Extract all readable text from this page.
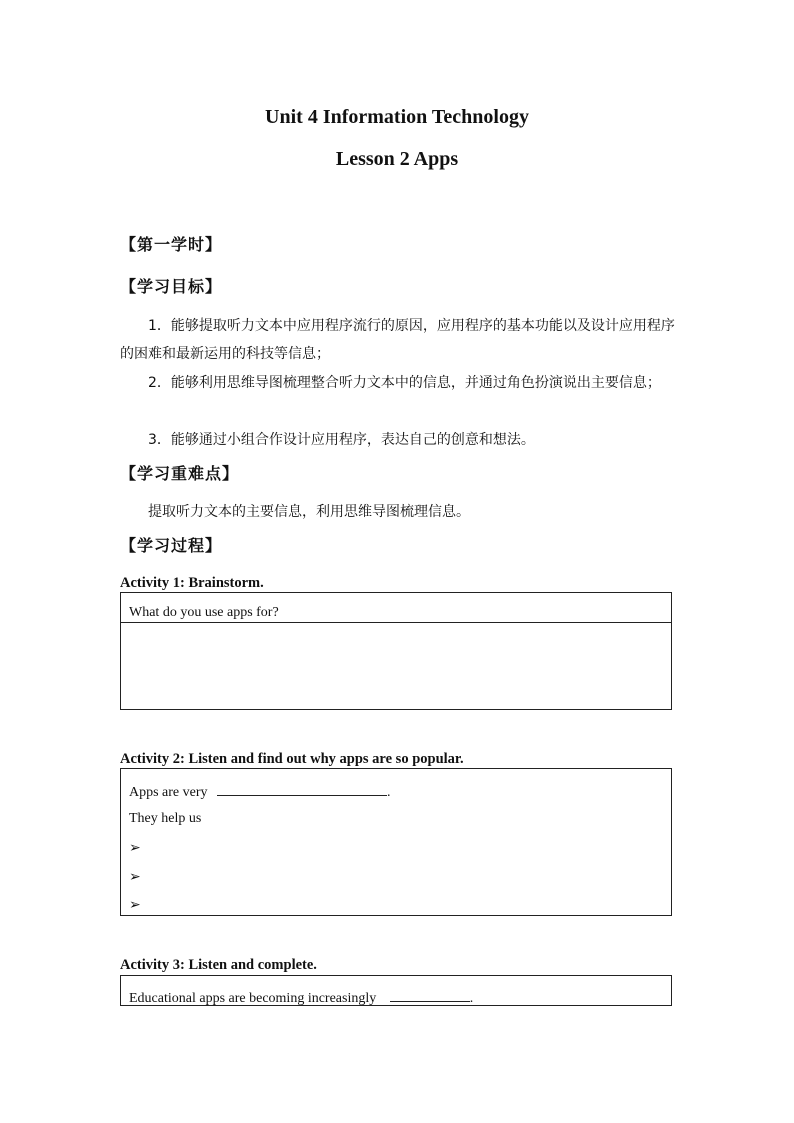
Unit 4 Information Technology
Lesson 2 Apps
【第一学时】
【学习目标】
1．能够提取听力文本中应用程序流行的原因，应用程序的基本功能以及设计应用程序的困难和最新运用的科技等信息；
2．能够利用思维导图梳理整合听力文本中的信息，并通过角色扮演说出主要信息；
3．能够通过小组合作设计应用程序，表达自己的创意和想法。
【学习重难点】
提取听力文本的主要信息，利用思维导图梳理信息。
【学习过程】
Activity 1: Brainstorm.
What do you use apps for?
Activity 2: Listen and find out why apps are so popular.
Apps are very	.
They help us
➢
➢
➢
Activity 3: Listen and complete.
Educational apps are becoming increasingly	.
